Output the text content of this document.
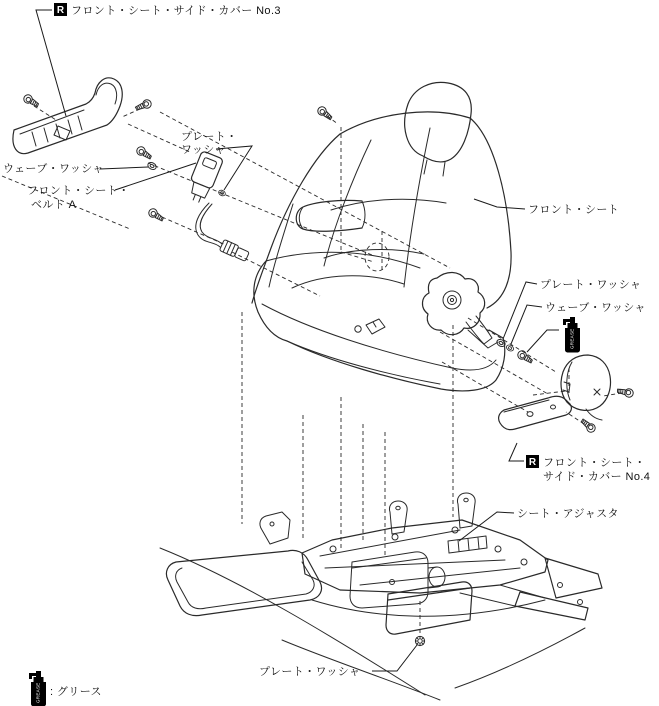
GREASE
GREASE : グリース
R フロント・シート・サイド・カバー No.3
ウェーブ・ワッシャ
フロント・シート・
ベルト A
プレート・
ワッシャ
フロント・シート
プレート・ワッシャ
ウェーブ・ワッシャ
R フロント・シート・
サイド・カバー No.4
シート・アジャスタ
プレート・ワッシャ
